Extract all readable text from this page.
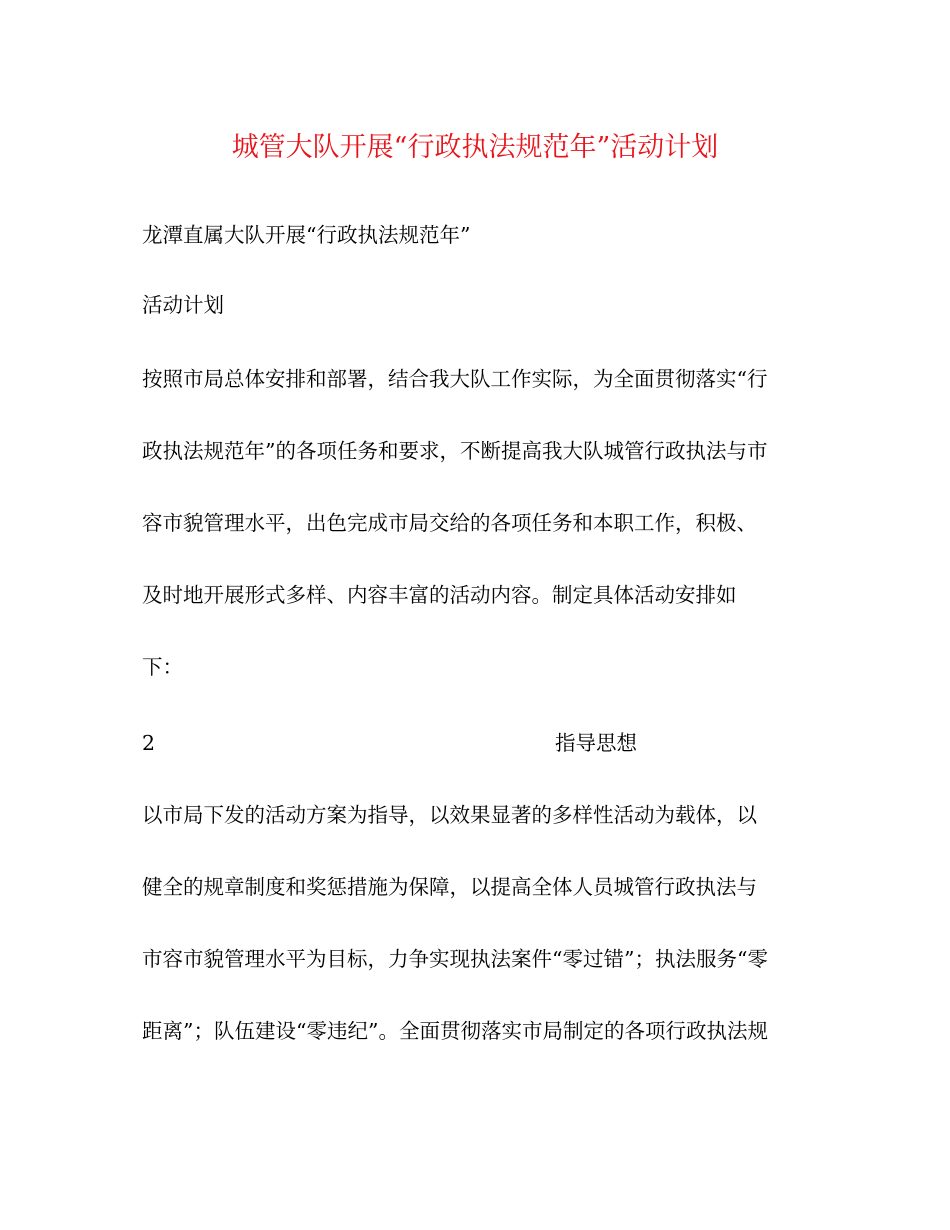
城管大队开展“行政执法规范年”活动计划
龙潭直属大队开展“行政执法规范年”
活动计划
按照市局总体安排和部署，结合我大队工作实际，为全面贯彻落实“行
政执法规范年”的各项任务和要求，不断提高我大队城管行政执法与市
容市貌管理水平，出色完成市局交给的各项任务和本职工作，积极、
及时地开展形式多样、内容丰富的活动内容。制定具体活动安排如
下：
2	指导思想
以市局下发的活动方案为指导，以效果显著的多样性活动为载体，以
健全的规章制度和奖惩措施为保障，以提高全体人员城管行政执法与
市容市貌管理水平为目标，力争实现执法案件“零过错”；执法服务“零
距离”；队伍建设“零违纪”。全面贯彻落实市局制定的各项行政执法规
